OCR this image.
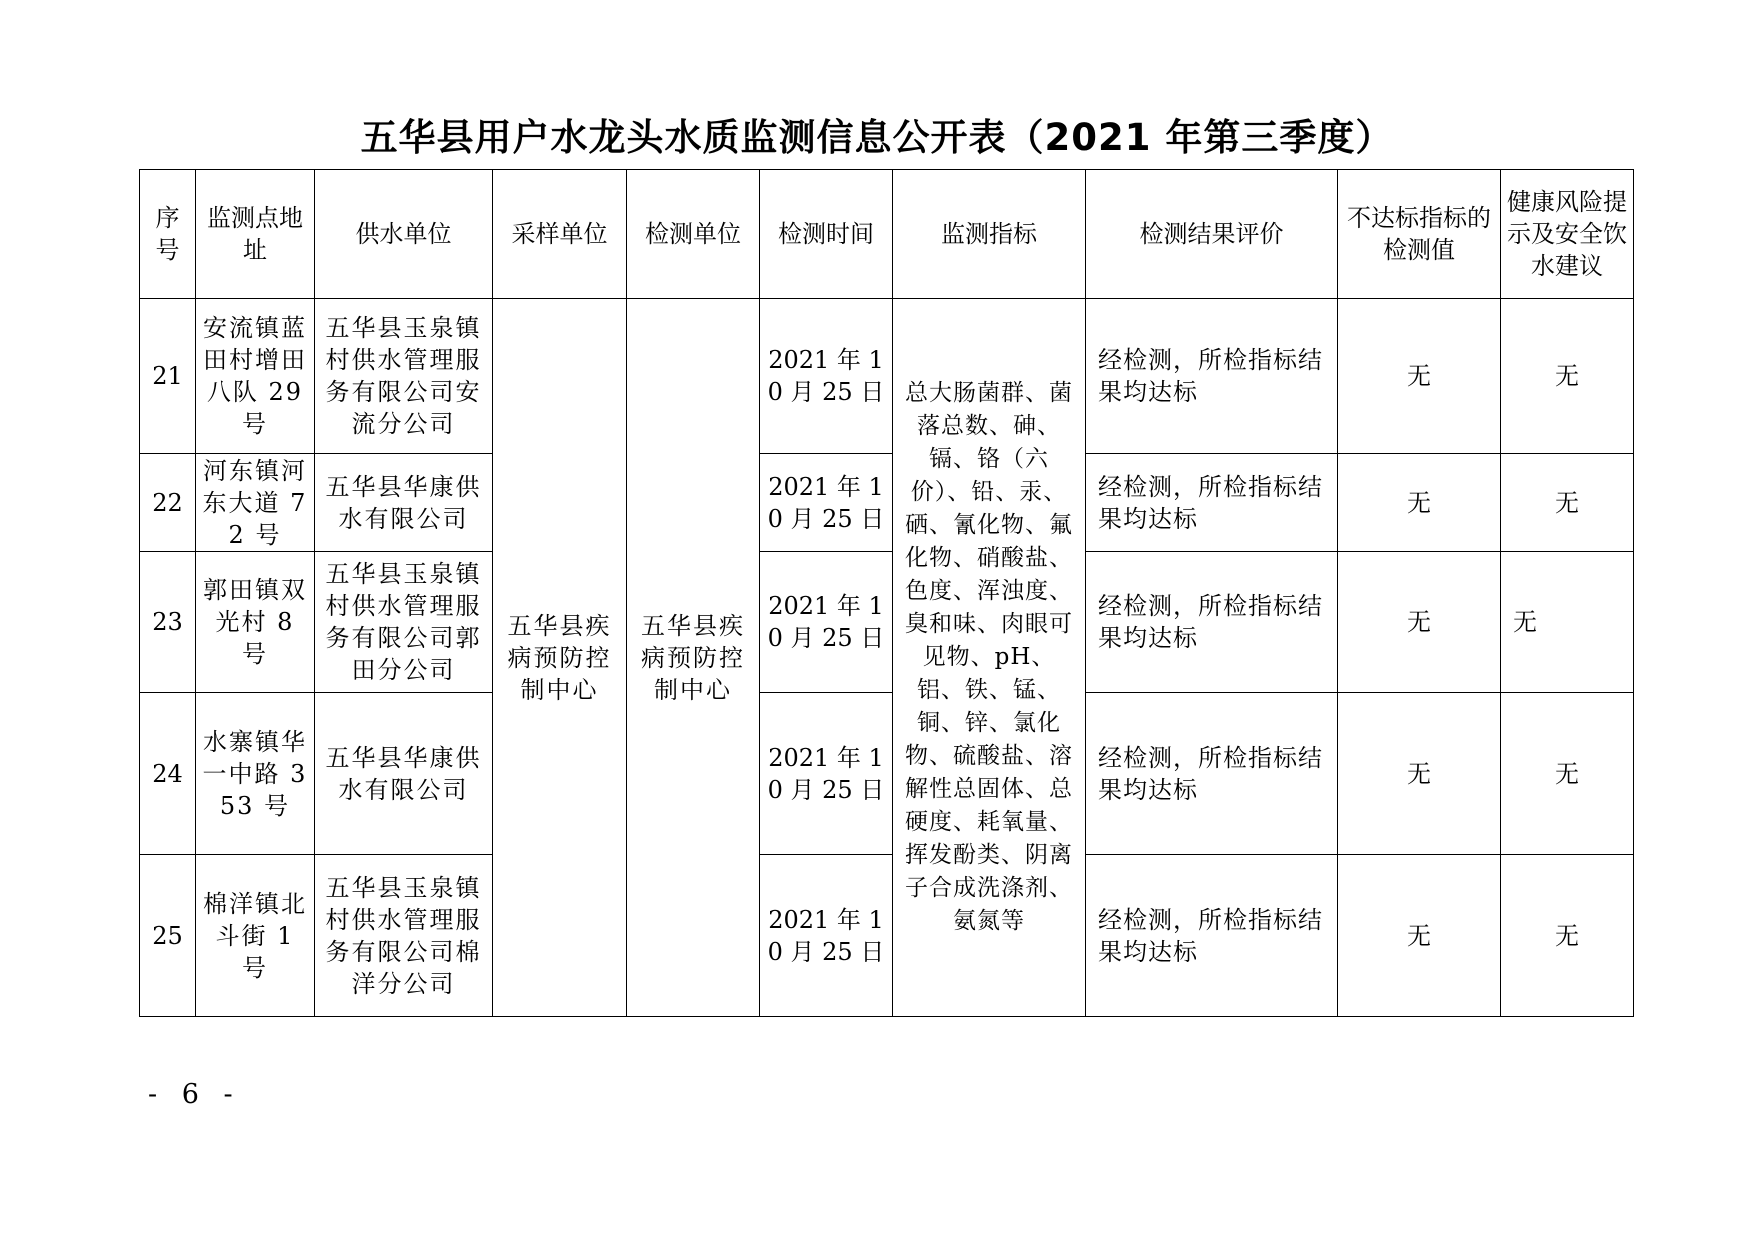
五华县用户水龙头水质监测信息公开表（2021 年第三季度）
序号	监测点地址	供水单位	采样单位	检测单位	检测时间	监测指标	检测结果评价	不达标指标的检测值	健康风险提示及安全饮水建议
21	安流镇蓝田村增田八队 29 号	五华县玉泉镇村供水管理服务有限公司安流分公司	五华县疾病预防控制中心	五华县疾病预防控制中心	2021 年 10 月 25 日	总大肠菌群、菌落总数、砷、镉、铬（六价）、铅、汞、硒、氰化物、氟化物、硝酸盐、色度、浑浊度、臭和味、肉眼可见物、pH、铝、铁、锰、铜、锌、氯化物、硫酸盐、溶解性总固体、总硬度、耗氧量、挥发酚类、阴离子合成洗涤剂、氨氮等	经检测，所检指标结果均达标	无	无
22	河东镇河东大道 72 号	五华县华康供水有限公司			2021 年 10 月 25 日		经检测，所检指标结果均达标	无	无
23	郭田镇双光村 8 号	五华县玉泉镇村供水管理服务有限公司郭田分公司			2021 年 10 月 25 日		经检测，所检指标结果均达标	无	无
24	水寨镇华一中路 353 号	五华县华康供水有限公司			2021 年 10 月 25 日		经检测，所检指标结果均达标	无	无
25	棉洋镇北斗街 1 号	五华县玉泉镇村供水管理服务有限公司棉洋分公司			2021 年 10 月 25 日		经检测，所检指标结果均达标	无	无
- 6 -
